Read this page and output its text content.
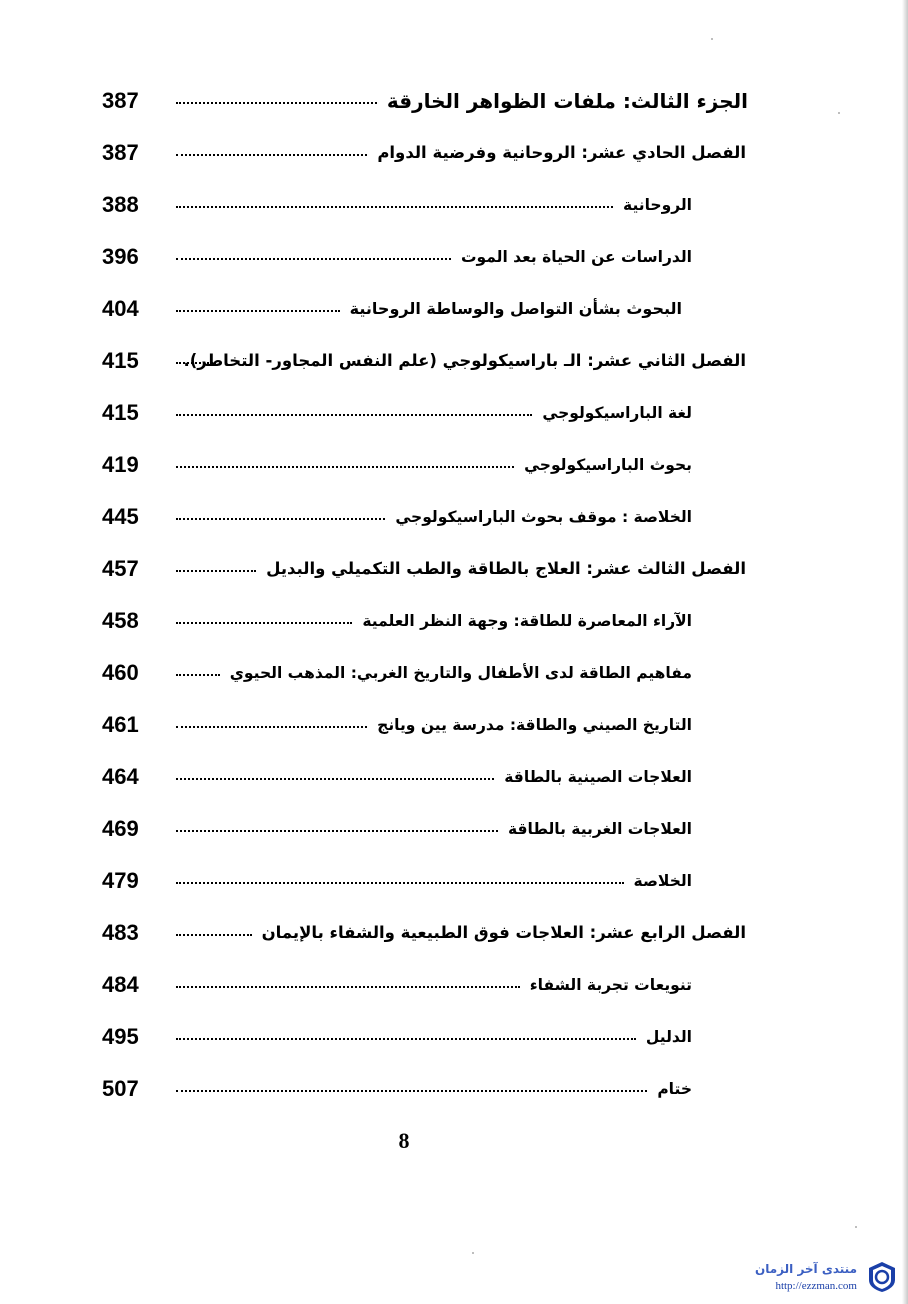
387	الجزء الثالث: ملفات الظواهر الخارقة
387	الفصل الحادي عشر: الروحانية وفرضية الدوام
388	الروحانية
396	الدراسات عن الحياة بعد الموت
404	البحوث بشأن التواصل والوساطة الروحانية
415	الفصل الثاني عشر: الـ باراسيكولوجي (علم النفس المجاور- التخاطر).
415	لغة الباراسيكولوجي
419	بحوث الباراسيكولوجي
445	الخلاصة : موقف بحوث الباراسيكولوجي
457	الفصل الثالث عشر: العلاج بالطاقة والطب التكميلي والبديل
458	الآراء المعاصرة للطاقة: وجهة النظر العلمية
460	مفاهيم الطاقة لدى الأطفال والتاريخ الغربي: المذهب الحيوي
461	التاريخ الصيني والطاقة: مدرسة يين ويانج
464	العلاجات الصينية بالطاقة
469	العلاجات الغربية بالطاقة
479	الخلاصة
483	الفصل الرابع عشر: العلاجات فوق الطبيعية والشفاء بالإيمان
484	تنويعات تجربة الشفاء
495	الدليل
507	ختام
8
منتدى آخر الزمان
http://ezzman.com
